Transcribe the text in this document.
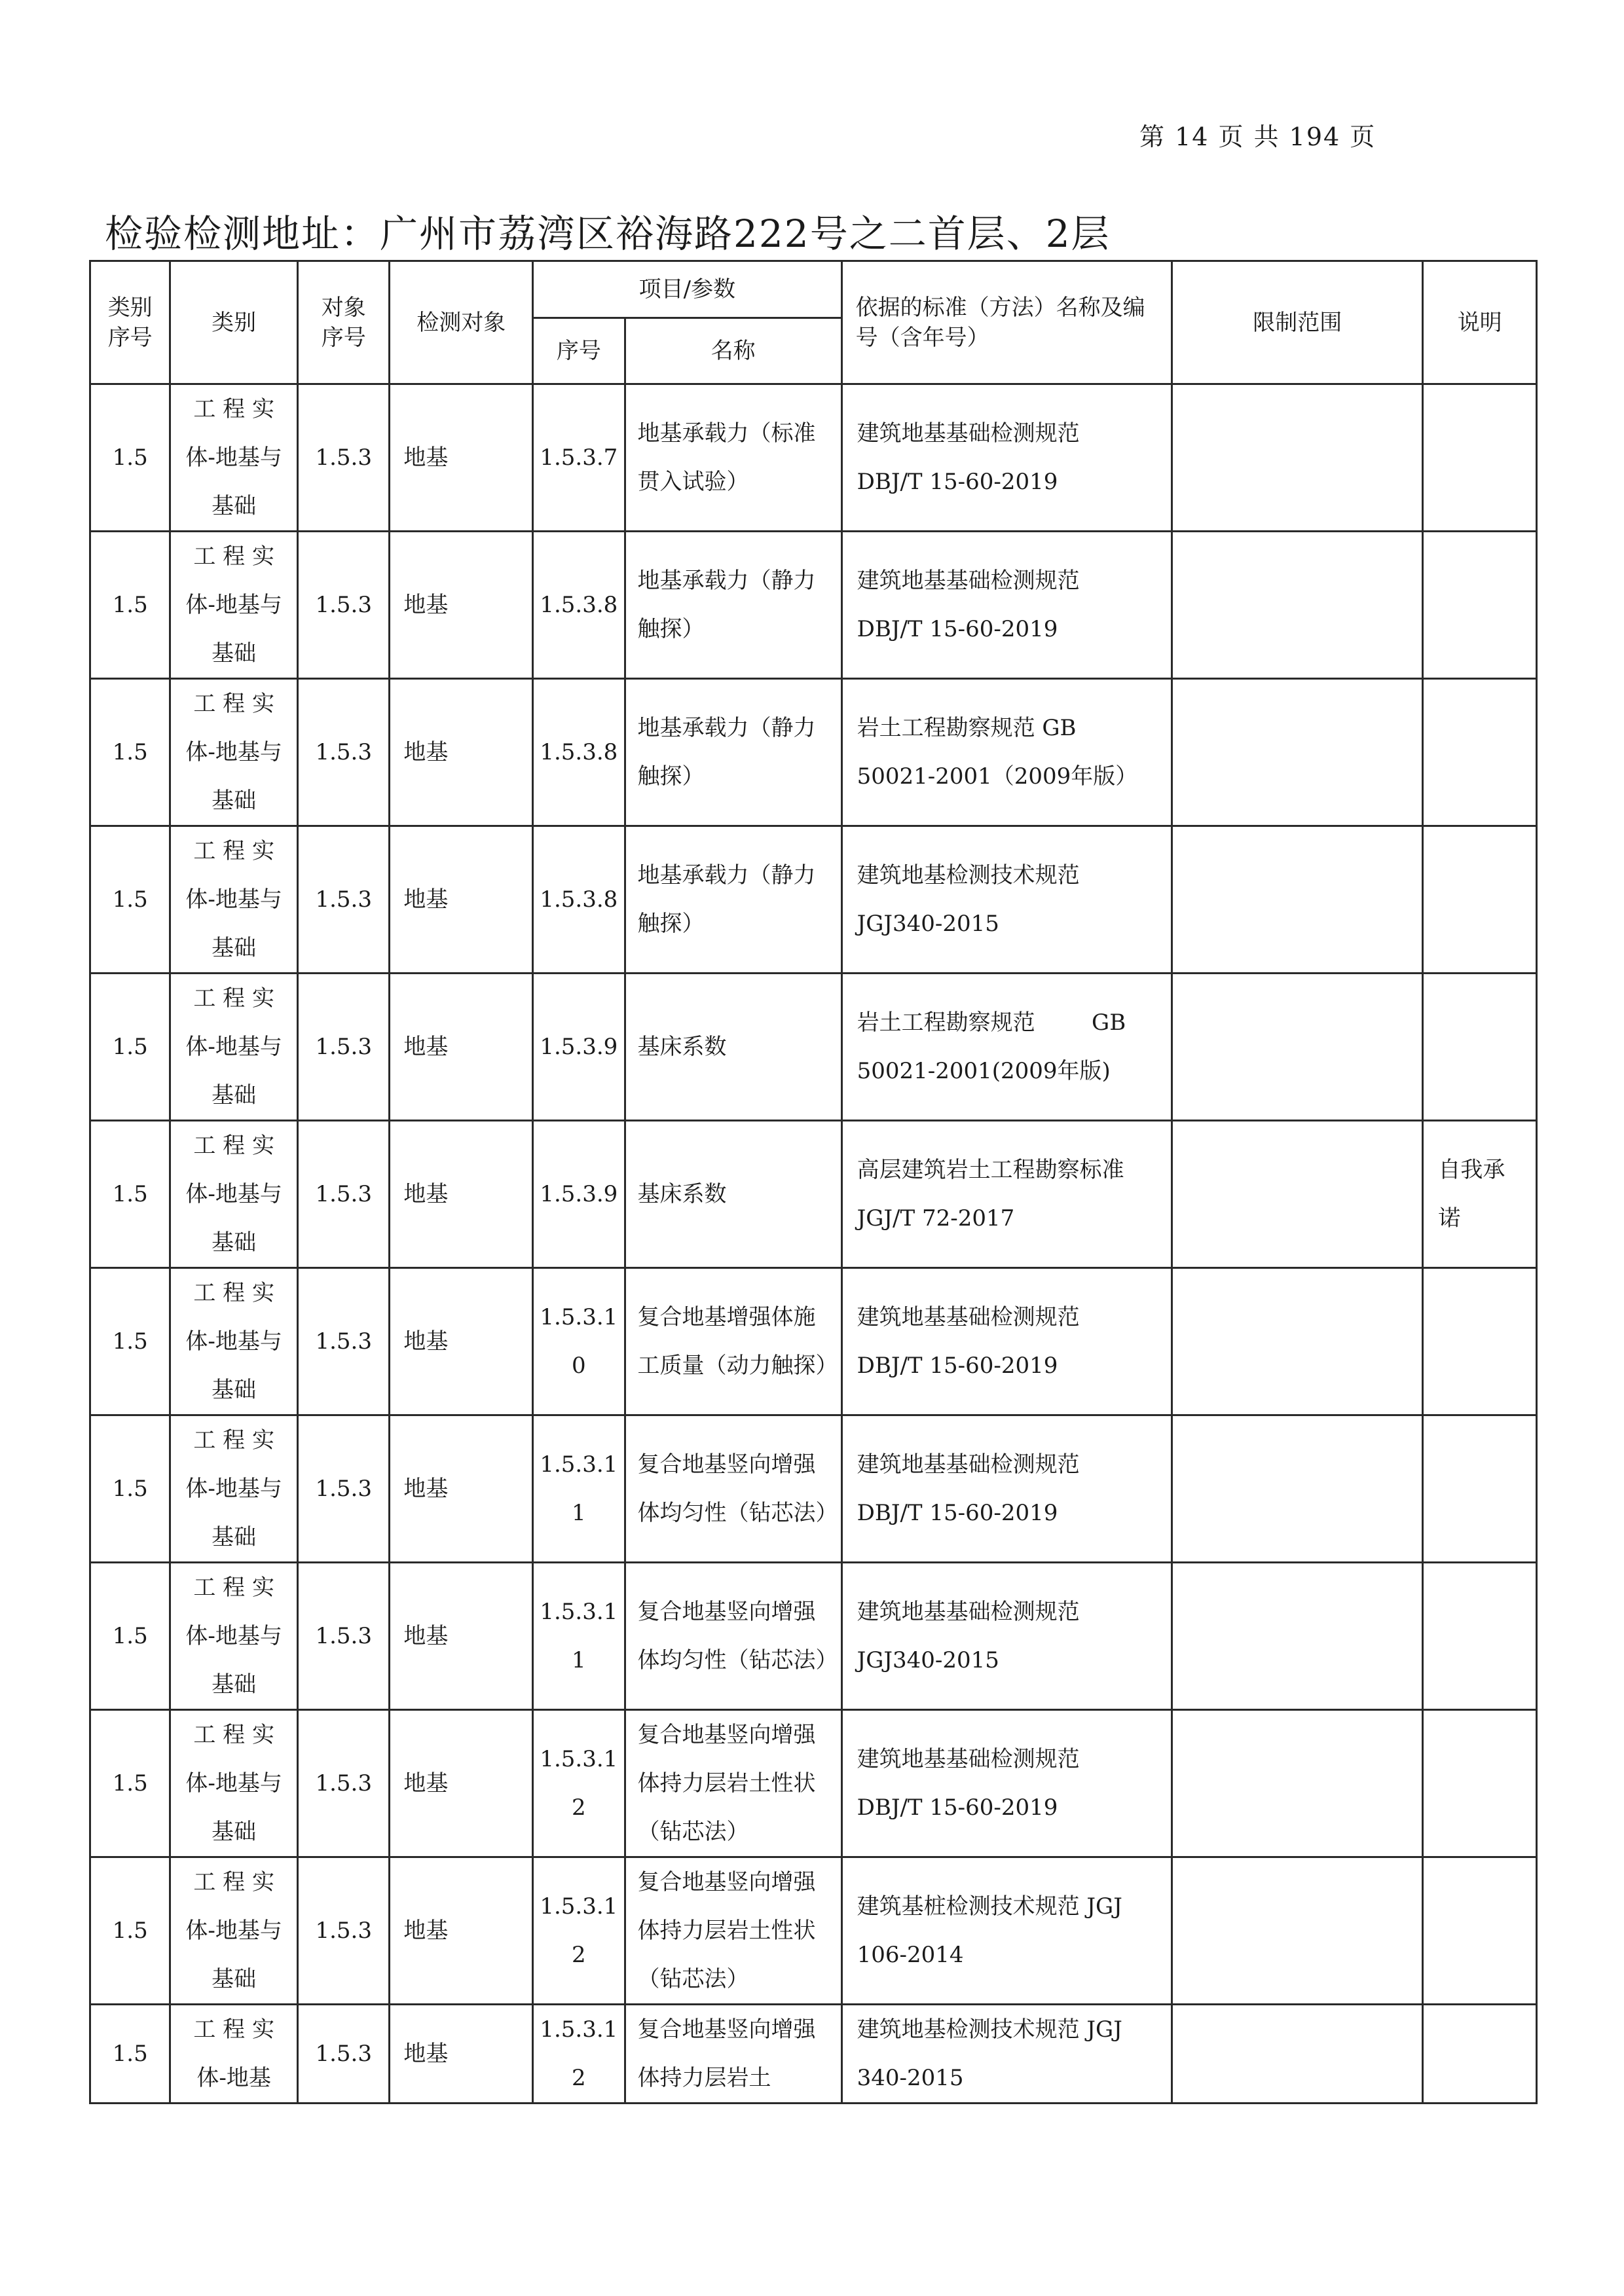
第 14 页 共 194 页
检验检测地址：广州市荔湾区裕海路222号之二首层、2层
类别序号	类别	对象序号	检测对象	项目/参数		依据的标准（方法）名称及编号（含年号）	限制范围	说明
				序号	名称			
1.5	工 程 实 体-地基与基础	1.5.3	地基	1.5.3.7	地基承载力（标准贯入试验）	建筑地基基础检测规范
DBJ/T 15-60-2019		

1.5	工 程 实 体-地基与基础	1.5.3	地基	1.5.3.8	地基承载力（静力触探）	建筑地基基础检测规范
DBJ/T 15-60-2019		

1.5	工 程 实 体-地基与基础	1.5.3	地基	1.5.3.8	地基承载力（静力触探）	岩土工程勘察规范 GB
50021-2001（2009年版）		

1.5	工 程 实 体-地基与基础	1.5.3	地基	1.5.3.8	地基承载力（静力触探）	建筑地基检测技术规范
JGJ340-2015		

1.5	工 程 实 体-地基与基础	1.5.3	地基	1.5.3.9	基床系数	岩土工程勘察规范        GB
50021-2001(2009年版)		

1.5	工 程 实 体-地基与基础	1.5.3	地基	1.5.3.9	基床系数	高层建筑岩土工程勘察标准
JGJ/T 72-2017		自我承诺
1.5	工 程 实 体-地基与基础	1.5.3	地基	1.5.3.10	复合地基增强体施工质量（动力触探）	建筑地基基础检测规范
DBJ/T 15-60-2019		

1.5	工 程 实 体-地基与基础	1.5.3	地基	1.5.3.11	复合地基竖向增强体均匀性（钻芯法）	建筑地基基础检测规范
DBJ/T 15-60-2019		

1.5	工 程 实 体-地基与基础	1.5.3	地基	1.5.3.11	复合地基竖向增强体均匀性（钻芯法）	建筑地基基础检测规范
JGJ340-2015		

1.5	工 程 实 体-地基与基础	1.5.3	地基	1.5.3.12	复合地基竖向增强体持力层岩土性状（钻芯法）	建筑地基基础检测规范
DBJ/T 15-60-2019		

1.5	工 程 实 体-地基与基础	1.5.3	地基	1.5.3.12	复合地基竖向增强体持力层岩土性状（钻芯法）	建筑基桩检测技术规范 JGJ
106-2014		

1.5	工 程 实 体-地基	1.5.3	地基	1.5.3.12	复合地基竖向增强体持力层岩土	建筑地基检测技术规范 JGJ
340-2015		
